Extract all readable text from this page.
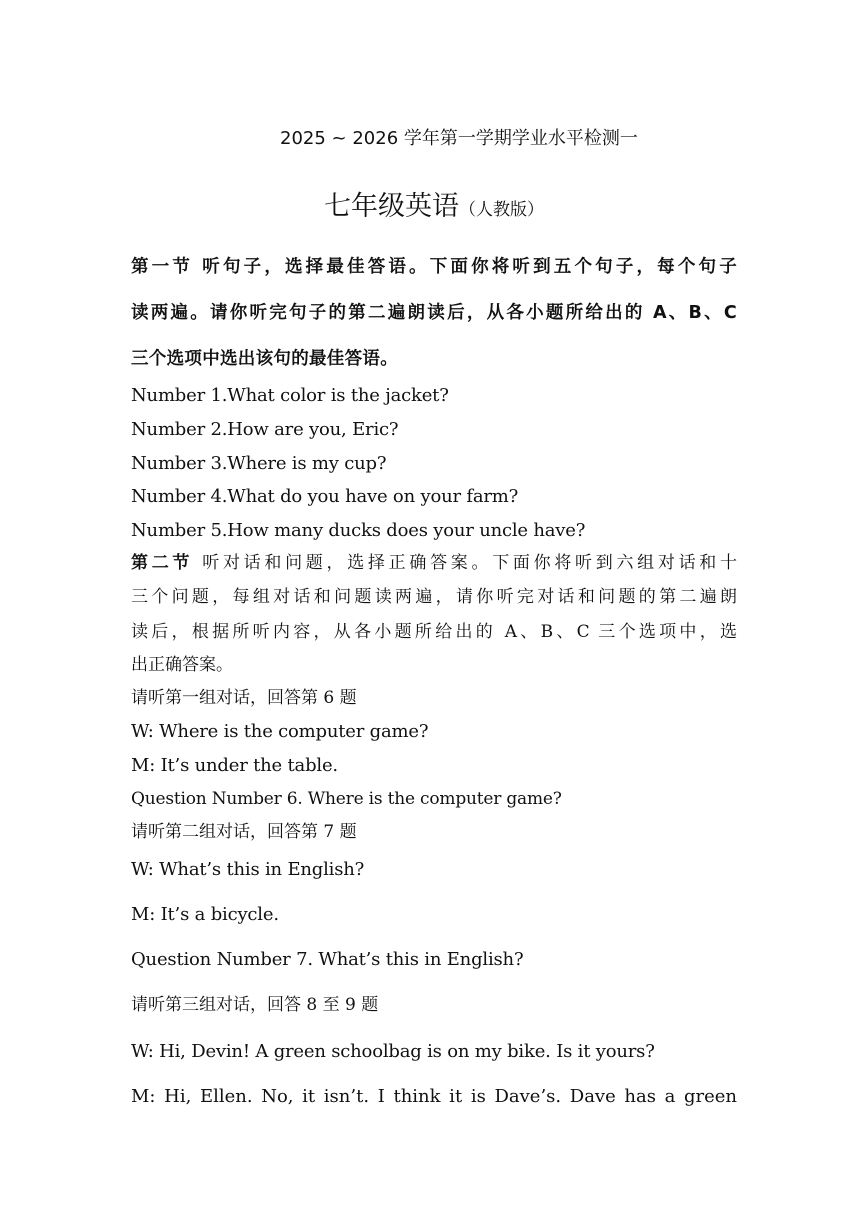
2025 ~ 2026 学年第一学期学业水平检测一
七年级英语（人教版）
第一节 听句子，选择最佳答语。下面你将听到五个句子，每个句子
读两遍。请你听完句子的第二遍朗读后，从各小题所给出的 A、B、C
三个选项中选出该句的最佳答语。
Number 1.What color is the jacket?
Number 2.How are you, Eric?
Number 3.Where is my cup?
Number 4.What do you have on your farm?
Number 5.How many ducks does your uncle have?
第二节 听对话和问题，选择正确答案。下面你将听到六组对话和十
三个问题，每组对话和问题读两遍，请你听完对话和问题的第二遍朗
读后，根据所听内容，从各小题所给出的 A、B、C 三个选项中，选
出正确答案。
请听第一组对话，回答第 6 题
W: Where is the computer game?
M: It’s under the table.
Question Number 6. Where is the computer game?
请听第二组对话，回答第 7 题
W: What’s this in English?
M: It’s a bicycle.
Question Number 7. What’s this in English?
请听第三组对话，回答 8 至 9 题
W: Hi, Devin! A green schoolbag is on my bike. Is it yours?
M: Hi, Ellen. No, it isn’t. I think it is Dave’s. Dave has a green
